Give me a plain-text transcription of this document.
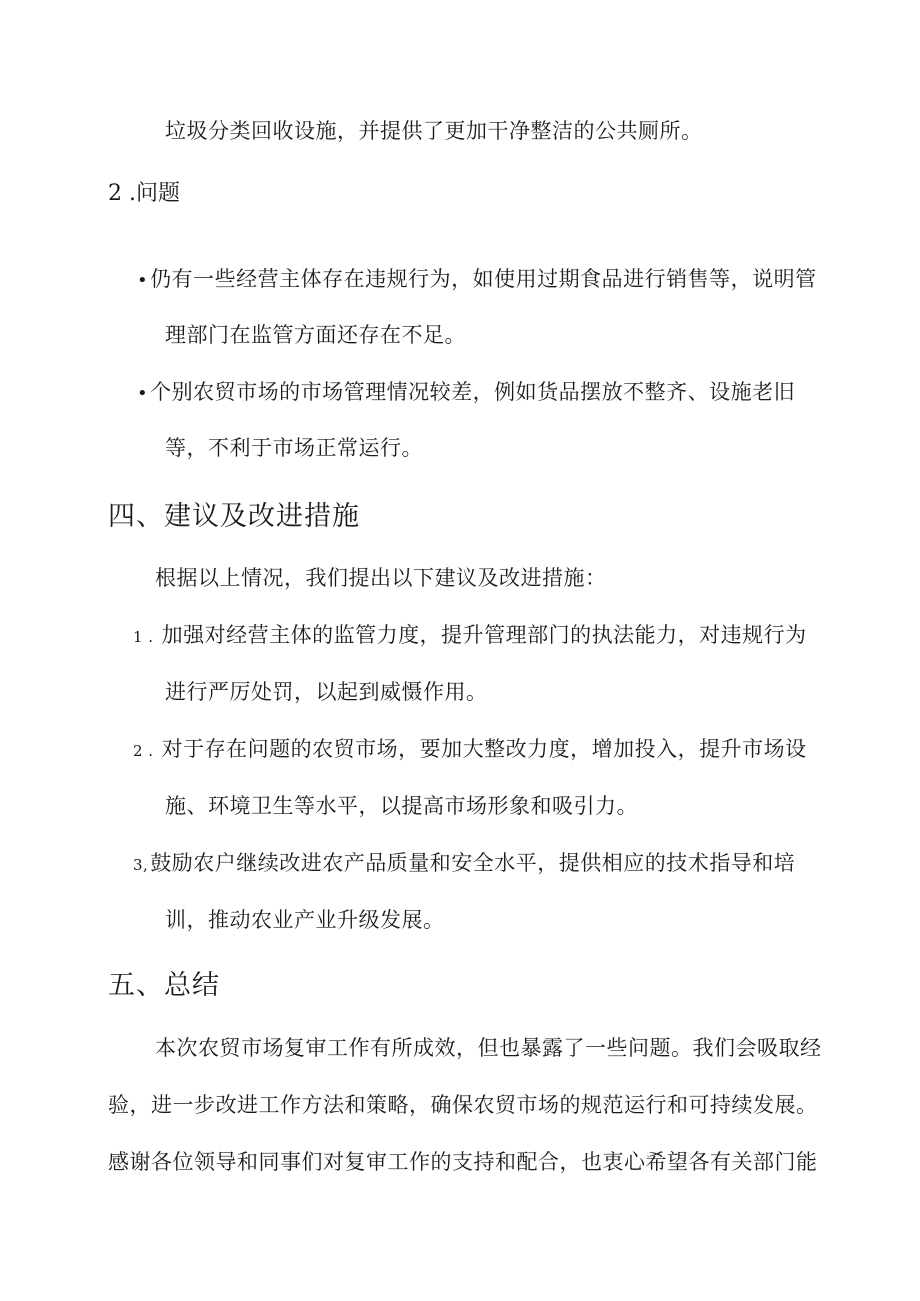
垃圾分类回收设施，并提供了更加干净整洁的公共厕所。
2 .问题
•仍有一些经营主体存在违规行为，如使用过期食品进行销售等，说明管
理部门在监管方面还存在不足。
•个别农贸市场的市场管理情况较差，例如货品摆放不整齐、设施老旧
等，不利于市场正常运行。
四、建议及改进措施
根据以上情况，我们提出以下建议及改进措施：
1 . 加强对经营主体的监管力度，提升管理部门的执法能力，对违规行为
进行严厉处罚，以起到威慑作用。
2 . 对于存在问题的农贸市场，要加大整改力度，增加投入，提升市场设
施、环境卫生等水平，以提高市场形象和吸引力。
3,鼓励农户继续改进农产品质量和安全水平，提供相应的技术指导和培
训，推动农业产业升级发展。
五、总结
本次农贸市场复审工作有所成效，但也暴露了一些问题。我们会吸取经
验，进一步改进工作方法和策略，确保农贸市场的规范运行和可持续发展。
感谢各位领导和同事们对复审工作的支持和配合，也衷心希望各有关部门能
